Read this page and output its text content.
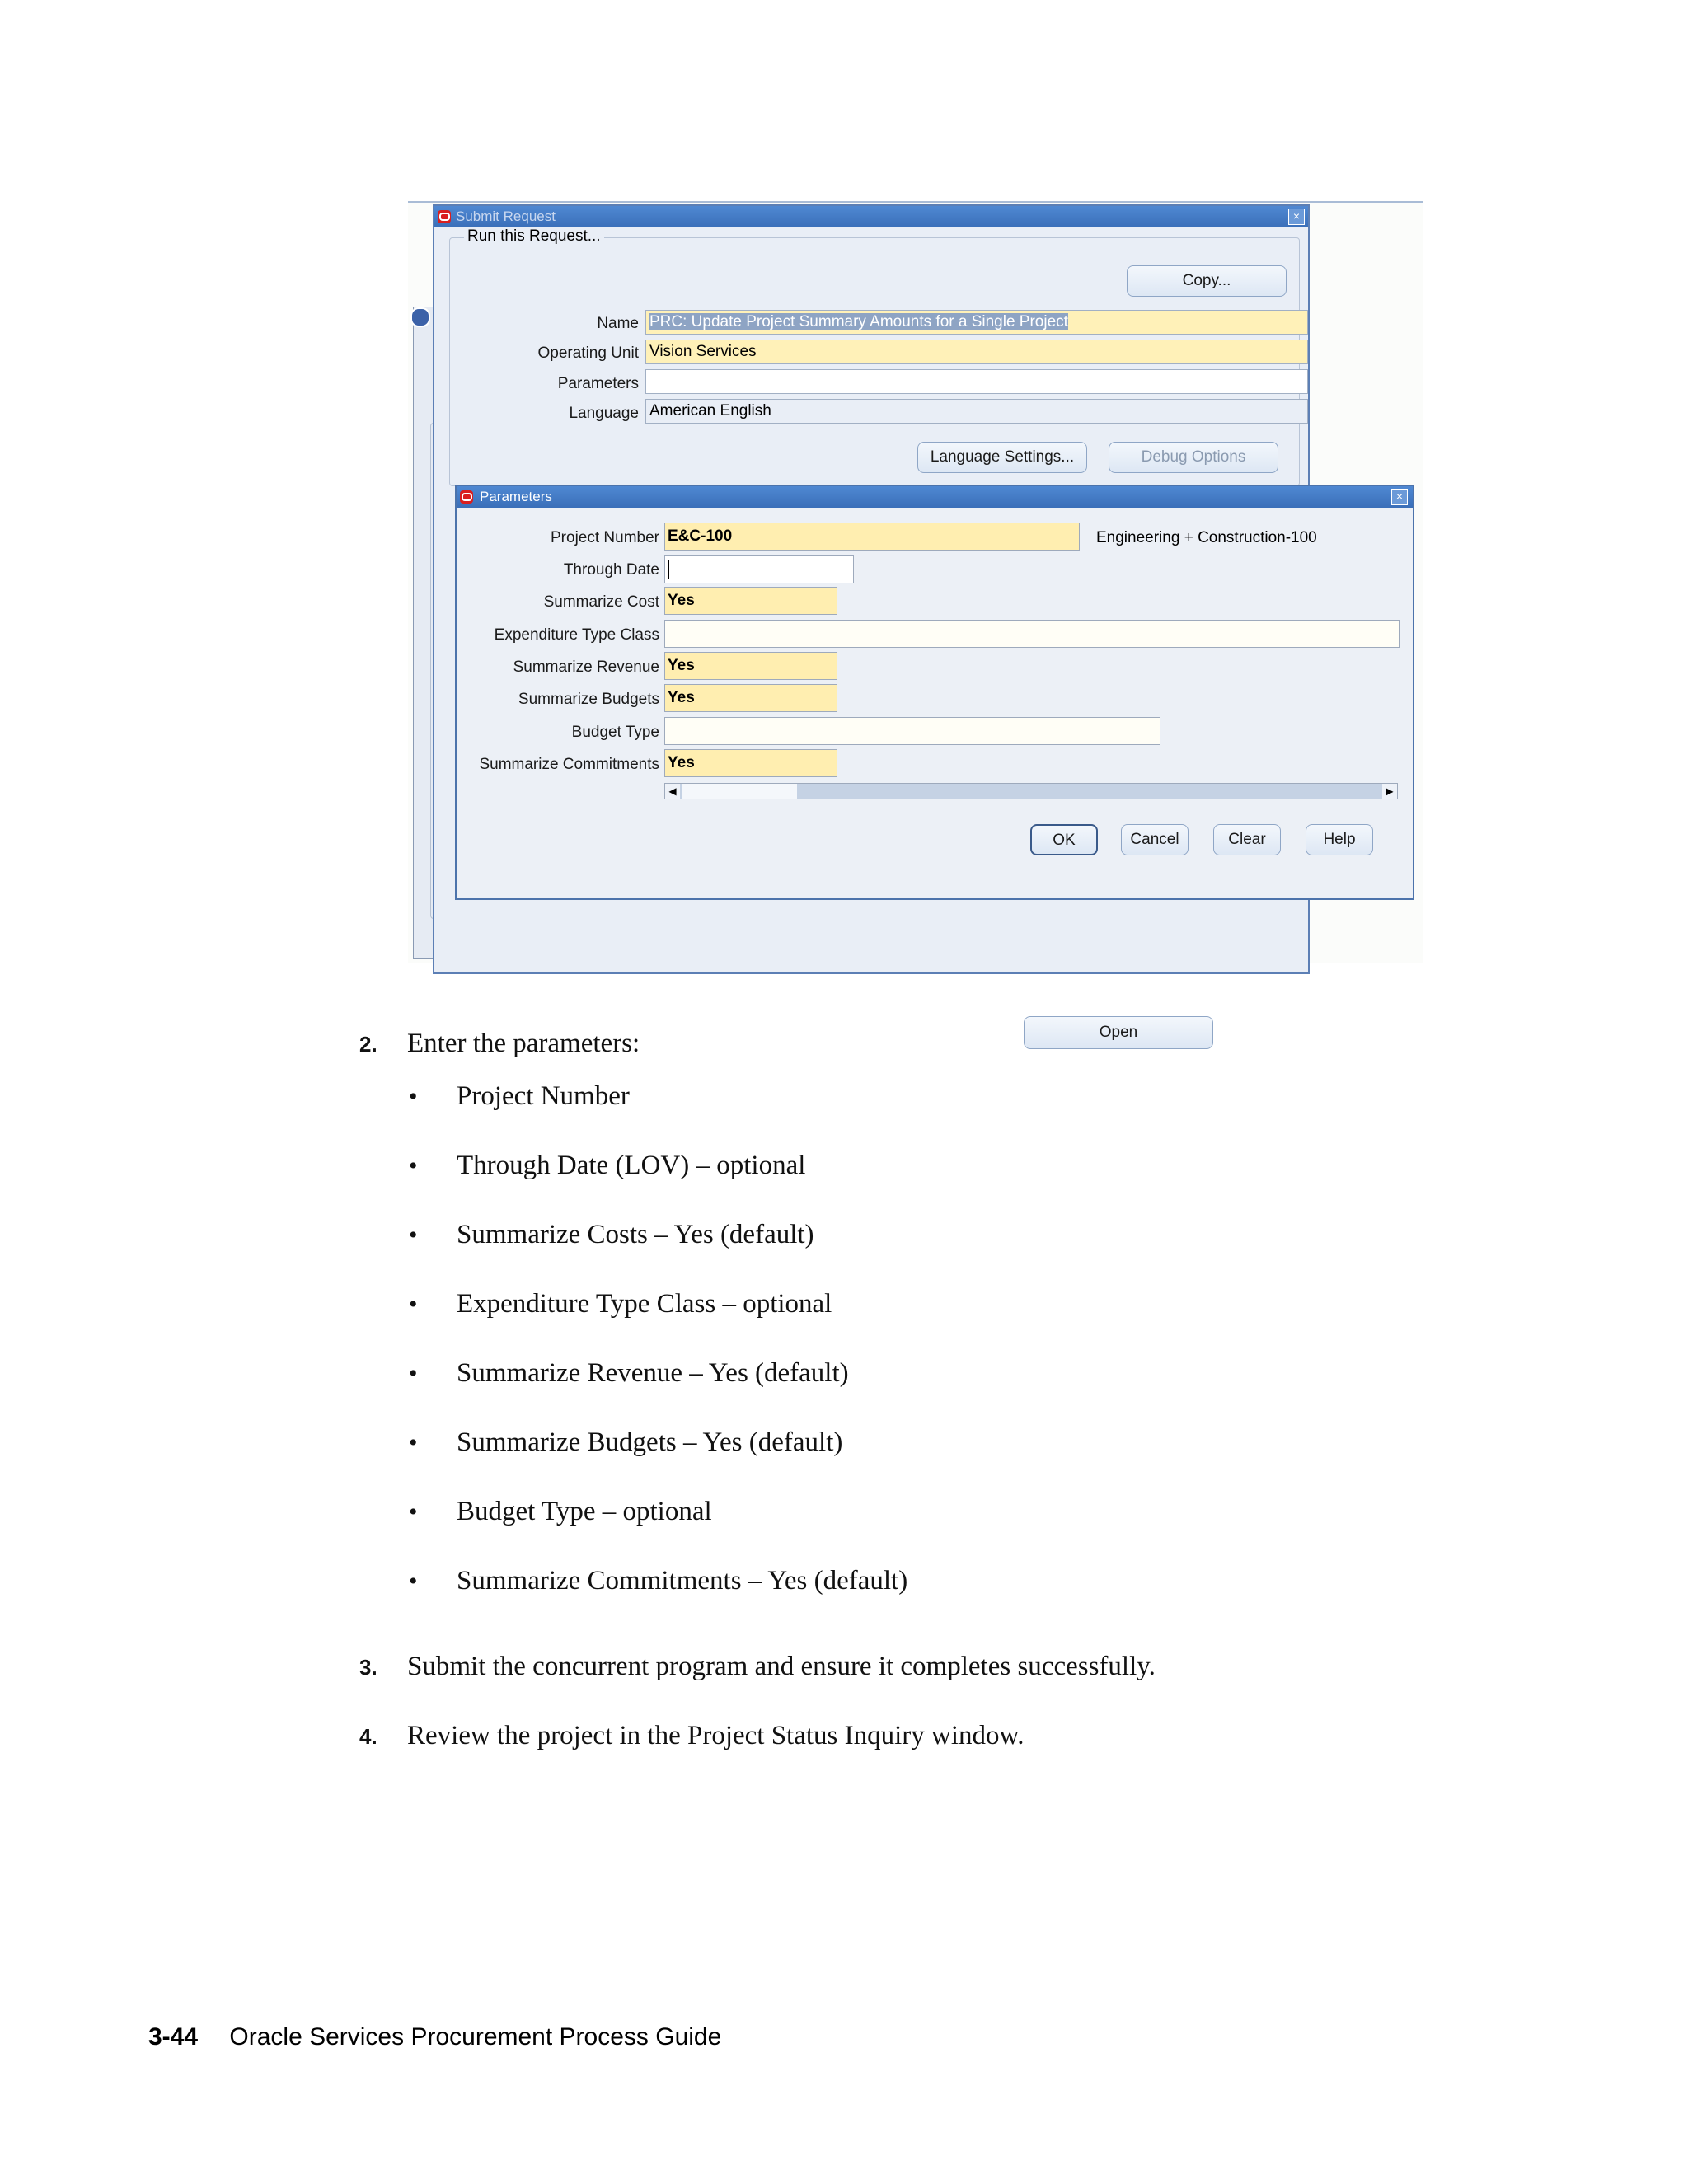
Open
Submit Request	×
Run this Request...
Copy...
Name PRC: Update Project Summary Amounts for a Single Project
Operating Unit Vision Services
Parameters
Language American English
Language Settings...	Debug Options
Parameters	×
Project Number E&C-100	Engineering + Construction-100
Through Date
Summarize Cost Yes
Expenditure Type Class
Summarize Revenue Yes
Summarize Budgets Yes
Budget Type
Summarize Commitments Yes
◀	▶
OK	Cancel	Clear	Help
2. Enter the parameters:
• Project Number
• Through Date (LOV) – optional
• Summarize Costs – Yes (default)
• Expenditure Type Class – optional
• Summarize Revenue – Yes (default)
• Summarize Budgets – Yes (default)
• Budget Type – optional
• Summarize Commitments – Yes (default)
3. Submit the concurrent program and ensure it completes successfully.
4. Review the project in the Project Status Inquiry window.
3-44 Oracle Services Procurement Process Guide
